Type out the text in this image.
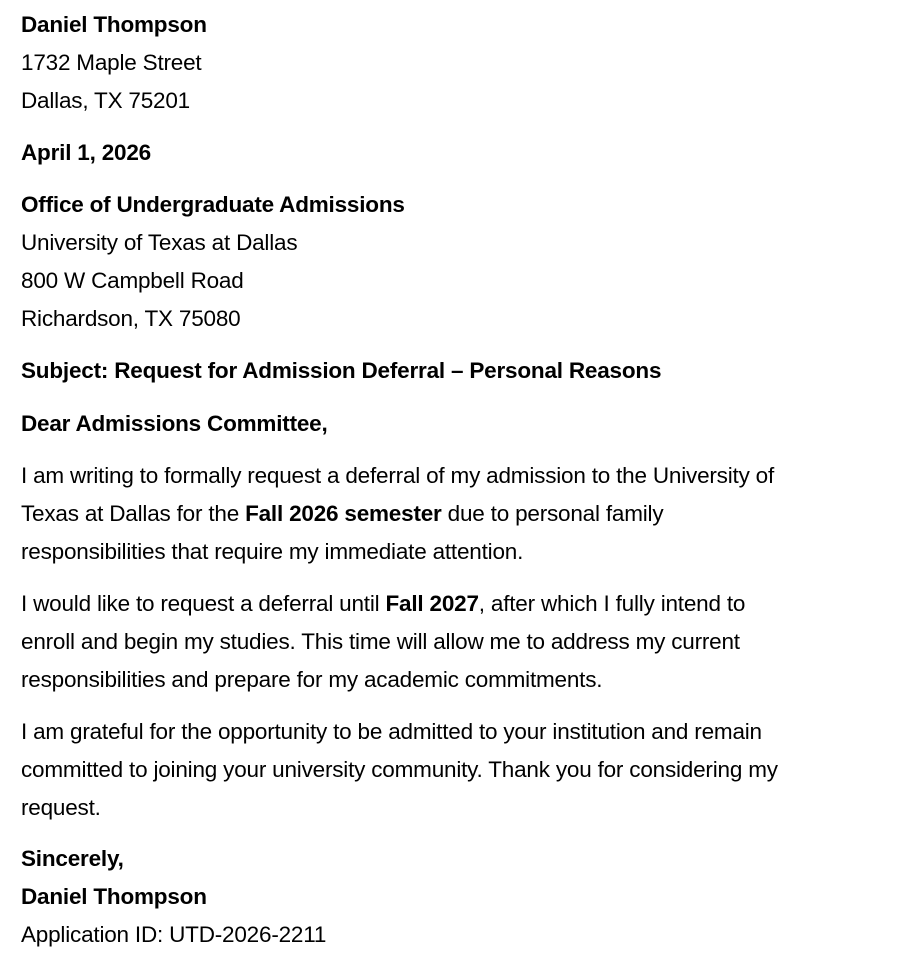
Daniel Thompson
1732 Maple Street
Dallas, TX 75201
April 1, 2026
Office of Undergraduate Admissions
University of Texas at Dallas
800 W Campbell Road
Richardson, TX 75080
Subject: Request for Admission Deferral – Personal Reasons
Dear Admissions Committee,
I am writing to formally request a deferral of my admission to the University of
Texas at Dallas for the Fall 2026 semester due to personal family
responsibilities that require my immediate attention.
I would like to request a deferral until Fall 2027, after which I fully intend to
enroll and begin my studies. This time will allow me to address my current
responsibilities and prepare for my academic commitments.
I am grateful for the opportunity to be admitted to your institution and remain
committed to joining your university community. Thank you for considering my
request.
Sincerely,
Daniel Thompson
Application ID: UTD-2026-2211
